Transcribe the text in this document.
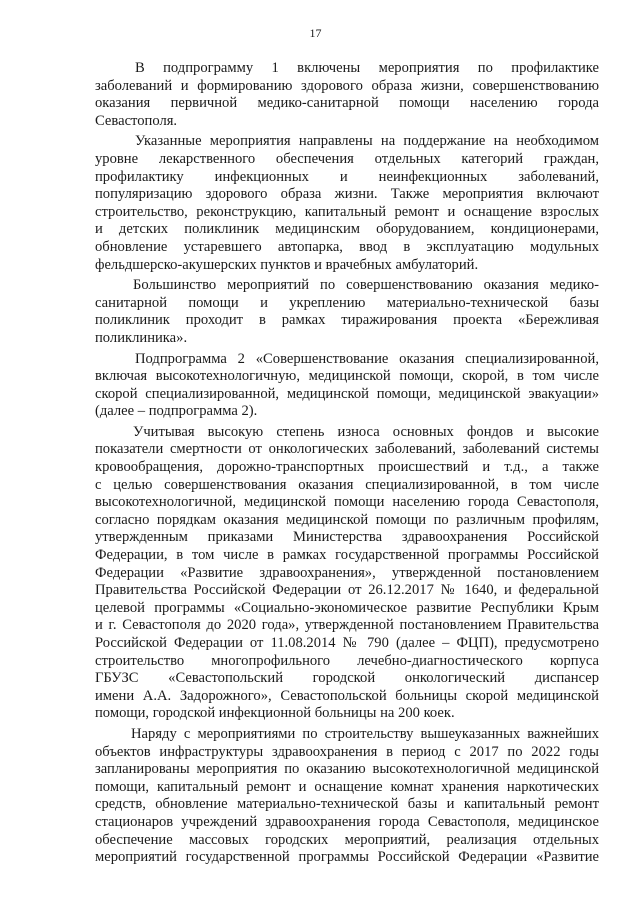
17

В подпрограмму 1 включены мероприятия по профилактике

заболеваний и формированию здорового образа жизни, совершенствованию

оказания первичной медико-санитарной помощи населению города

Севастополя.

Указанные мероприятия направлены на поддержание на необходимом

уровне лекарственного обеспечения отдельных категорий граждан,

профилактику инфекционных и неинфекционных заболеваний,

популяризацию здорового образа жизни. Также мероприятия включают

строительство, реконструкцию, капитальный ремонт и оснащение взрослых

и детских поликлиник медицинским оборудованием, кондиционерами,

обновление устаревшего автопарка, ввод в эксплуатацию модульных

фельдшерско-акушерских пунктов и врачебных амбулаторий.

Большинство мероприятий по совершенствованию оказания медико-

санитарной помощи и укреплению материально-технической базы

поликлиник проходит в рамках тиражирования проекта «Бережливая

поликлиника».

Подпрограмма 2 «Совершенствование оказания специализированной,

включая высокотехнологичную, медицинской помощи, скорой, в том числе

скорой специализированной, медицинской помощи, медицинской эвакуации»

(далее – подпрограмма 2).

Учитывая высокую степень износа основных фондов и высокие

показатели смертности от онкологических заболеваний, заболеваний системы

кровообращения, дорожно-транспортных происшествий и т.д., а также

с целью совершенствования оказания специализированной, в том числе

высокотехнологичной, медицинской помощи населению города Севастополя,

согласно порядкам оказания медицинской помощи по различным профилям,

утвержденным приказами Министерства здравоохранения Российской

Федерации, в том числе в рамках государственной программы Российской

Федерации «Развитие здравоохранения», утвержденной постановлением

Правительства Российской Федерации от 26.12.2017 № 1640, и федеральной

целевой программы «Социально-экономическое развитие Республики Крым

и г. Севастополя до 2020 года», утвержденной постановлением Правительства

Российской Федерации от 11.08.2014 № 790 (далее – ФЦП), предусмотрено

строительство многопрофильного лечебно-диагностического корпуса

ГБУЗС «Севастопольский городской онкологический диспансер

имени А.А. Задорожного», Севастопольской больницы скорой медицинской

помощи, городской инфекционной больницы на 200 коек.

Наряду с мероприятиями по строительству вышеуказанных важнейших

объектов инфраструктуры здравоохранения в период с 2017 по 2022 годы

запланированы мероприятия по оказанию высокотехнологичной медицинской

помощи, капитальный ремонт и оснащение комнат хранения наркотических

средств, обновление материально-технической базы и капитальный ремонт

стационаров учреждений здравоохранения города Севастополя, медицинское

обеспечение массовых городских мероприятий, реализация отдельных

мероприятий государственной программы Российской Федерации «Развитие
